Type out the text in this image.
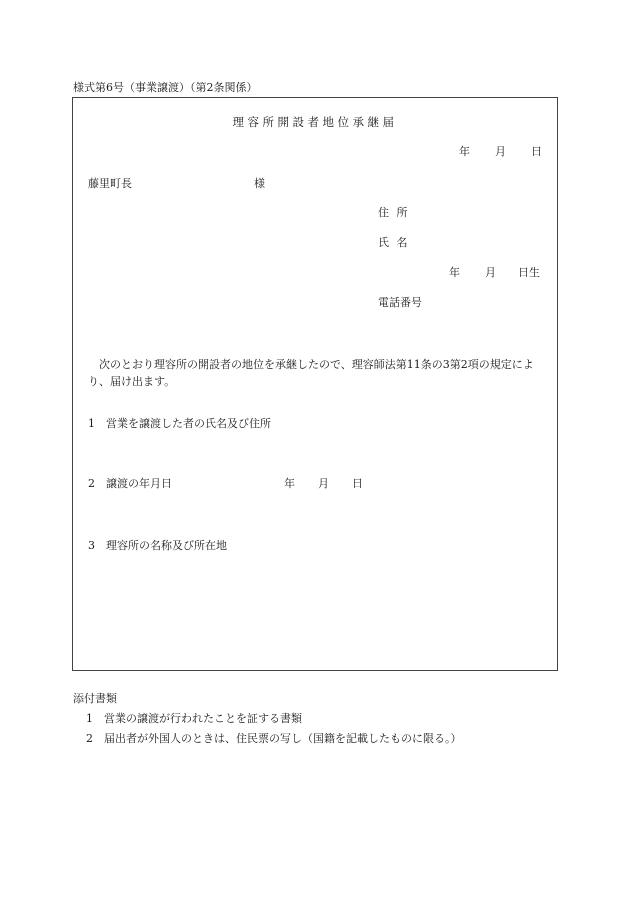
様式第6号（事業譲渡）（第2条関係）
理容所開設者地位承継届
年 月 日
藤里町長	様
住 所
氏 名
年 月 日生
電話番号
次のとおり理容所の開設者の地位を承継したので、理容師法第11条の3第2項の規定により、届け出ます。
1　営業を譲渡した者の氏名及び住所
2　譲渡の年月日	年 月 日
3　理容所の名称及び所在地
添付書類
1　営業の譲渡が行われたことを証する書類
2　届出者が外国人のときは、住民票の写し（国籍を記載したものに限る。）
